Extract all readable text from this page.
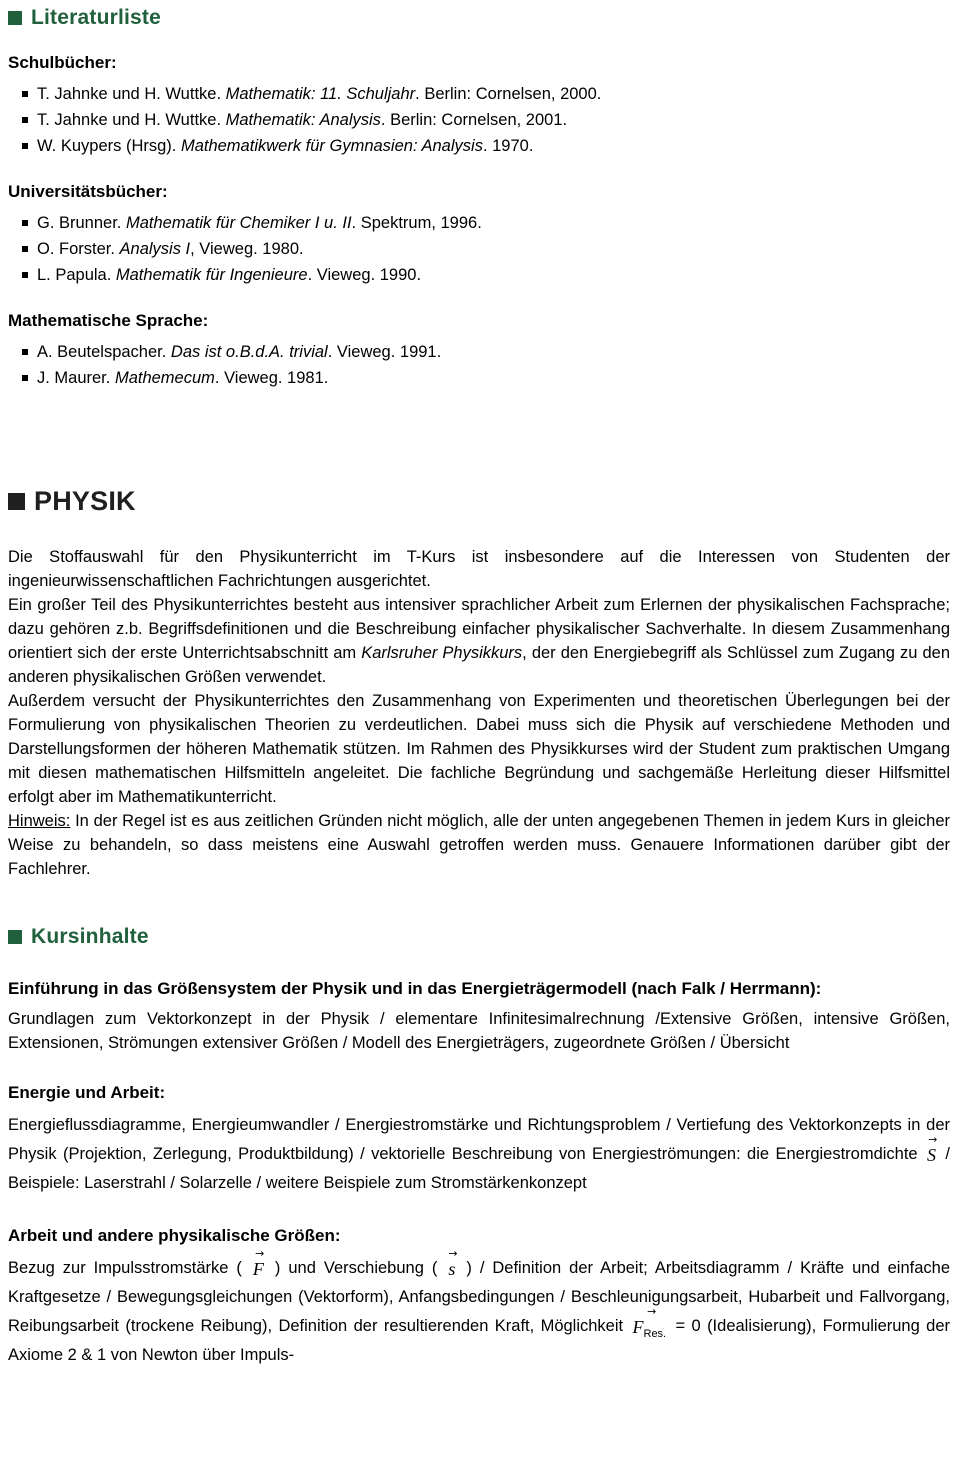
Literaturliste
Schulbücher:
T. Jahnke und H. Wuttke. Mathematik: 11. Schuljahr. Berlin: Cornelsen, 2000.
T. Jahnke und H. Wuttke. Mathematik: Analysis. Berlin: Cornelsen, 2001.
W. Kuypers (Hrsg). Mathematikwerk für Gymnasien: Analysis. 1970.
Universitätsbücher:
G. Brunner. Mathematik für Chemiker I u. II. Spektrum, 1996.
O. Forster. Analysis I, Vieweg. 1980.
L. Papula. Mathematik für Ingenieure. Vieweg. 1990.
Mathematische Sprache:
A. Beutelspacher. Das ist o.B.d.A. trivial. Vieweg. 1991.
J. Maurer. Mathemecum. Vieweg. 1981.
PHYSIK

Die Stoffauswahl für den Physikunterricht im T-Kurs ist insbesondere auf die Interessen von Studenten der ingenieurwissenschaftlichen Fachrichtungen ausgerichtet.

Ein großer Teil des Physikunterrichtes besteht aus intensiver sprachlicher Arbeit zum Erlernen der physikalischen Fachsprache; dazu gehören z.b. Begriffsdefinitionen und die Beschreibung einfacher physikalischer Sachverhalte. In diesem Zusammenhang orientiert sich der erste Unterrichtsabschnitt am Karlsruher Physikkurs, der den Energiebegriff als Schlüssel zum Zugang zu den anderen physikalischen Größen verwendet.

Außerdem versucht der Physikunterrichtes den Zusammenhang von Experimenten und theoretischen Überlegungen bei der Formulierung von physikalischen Theorien zu verdeutlichen. Dabei muss sich die Physik auf verschiedene Methoden und Darstellungsformen der höheren Mathematik stützen. Im Rahmen des Physikkurses wird der Student zum praktischen Umgang mit diesen mathematischen Hilfsmitteln angeleitet. Die fachliche Begründung und sachgemäße Herleitung dieser Hilfsmittel erfolgt aber im Mathematikunterricht.

Hinweis: In der Regel ist es aus zeitlichen Gründen nicht möglich, alle der unten angegebenen Themen in jedem Kurs in gleicher Weise zu behandeln, so dass meistens eine Auswahl getroffen werden muss. Genauere Informationen darüber gibt der Fachlehrer.

Kursinhalte
Einführung in das Größensystem der Physik und in das Energieträgermodell (nach Falk / Herrmann):

Grundlagen zum Vektorkonzept in der Physik / elementare Infinitesimalrechnung /Extensive Größen, intensive Größen, Extensionen, Strömungen extensiver Größen / Modell des Energieträgers, zugeordnete Größen / Übersicht

Energie und Arbeit:

Energieflussdiagramme, Energieumwandler / Energiestromstärke und Richtungsproblem / Vertiefung des Vektorkonzepts in der Physik (Projektion, Zerlegung, Produktbildung) / vektorielle Beschreibung von Energieströmungen: die Energiestromdichte
→
S / Beispiele: Laserstrahl / Solarzelle / weitere Beispiele zum Stromstärkenkonzept

Arbeit und andere physikalische Größen:

Bezug zur Impulsstromstärke (
→
F ) und Verschiebung (
→
s ) / Definition der Arbeit; Arbeitsdiagramm / Kräfte und einfache Kraftgesetze / Bewegungsgleichungen (Vektorform), Anfangsbedingungen / Beschleunigungsarbeit, Hubarbeit und Fallvorgang, Reibungsarbeit (trockene Reibung), Definition der resultierenden Kraft, Möglichkeit
→
$F_{Res.} = 0$ (Idealisierung), Formulierung der Axiome 2 & 1 von Newton über Impuls-
